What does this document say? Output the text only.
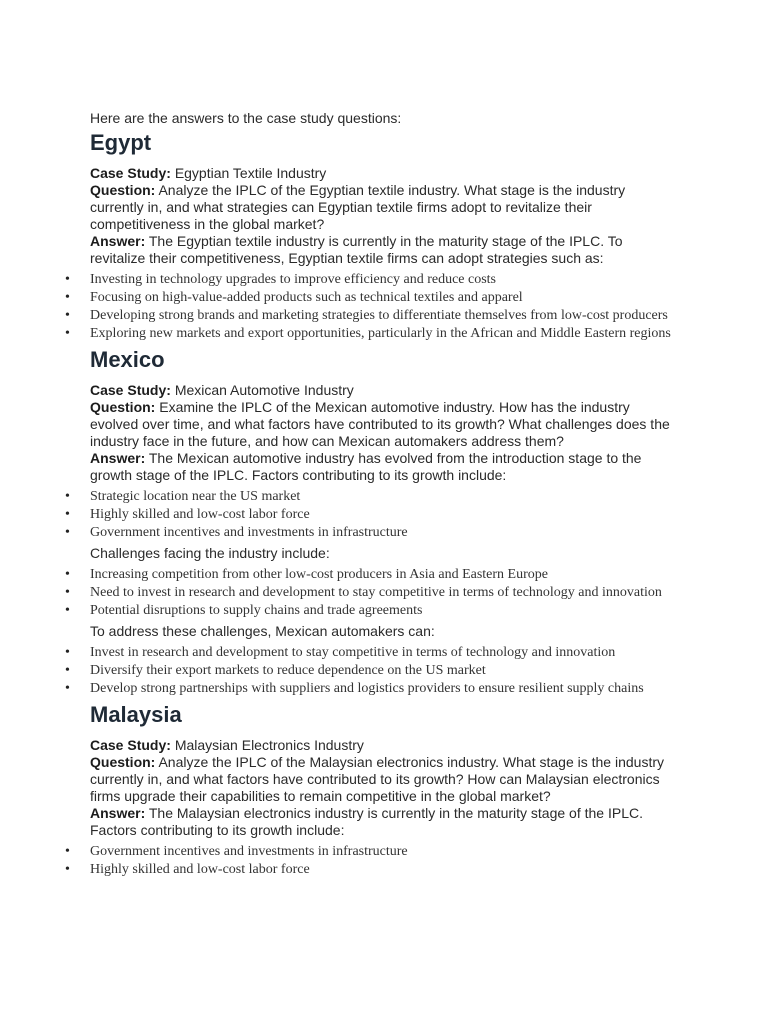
Here are the answers to the case study questions:

Egypt

Case Study: Egyptian Textile Industry

Question: Analyze the IPLC of the Egyptian textile industry. What stage is the industry currently in, and what strategies can Egyptian textile firms adopt to revitalize their competitiveness in the global market?

Answer: The Egyptian textile industry is currently in the maturity stage of the IPLC. To revitalize their competitiveness, Egyptian textile firms can adopt strategies such as:

• Investing in technology upgrades to improve efficiency and reduce costs
• Focusing on high-value-added products such as technical textiles and apparel
• Developing strong brands and marketing strategies to differentiate themselves from low-cost producers
• Exploring new markets and export opportunities, particularly in the African and Middle Eastern regions
Mexico

Case Study: Mexican Automotive Industry

Question: Examine the IPLC of the Mexican automotive industry. How has the industry evolved over time, and what factors have contributed to its growth? What challenges does the industry face in the future, and how can Mexican automakers address them?

Answer: The Mexican automotive industry has evolved from the introduction stage to the growth stage of the IPLC. Factors contributing to its growth include:

• Strategic location near the US market
• Highly skilled and low-cost labor force
• Government incentives and investments in infrastructure

Challenges facing the industry include:

• Increasing competition from other low-cost producers in Asia and Eastern Europe
• Need to invest in research and development to stay competitive in terms of technology and innovation
• Potential disruptions to supply chains and trade agreements

To address these challenges, Mexican automakers can:

• Invest in research and development to stay competitive in terms of technology and innovation
• Diversify their export markets to reduce dependence on the US market
• Develop strong partnerships with suppliers and logistics providers to ensure resilient supply chains
Malaysia

Case Study: Malaysian Electronics Industry

Question: Analyze the IPLC of the Malaysian electronics industry. What stage is the industry currently in, and what factors have contributed to its growth? How can Malaysian electronics firms upgrade their capabilities to remain competitive in the global market?

Answer: The Malaysian electronics industry is currently in the maturity stage of the IPLC. Factors contributing to its growth include:

• Government incentives and investments in infrastructure
• Highly skilled and low-cost labor force
